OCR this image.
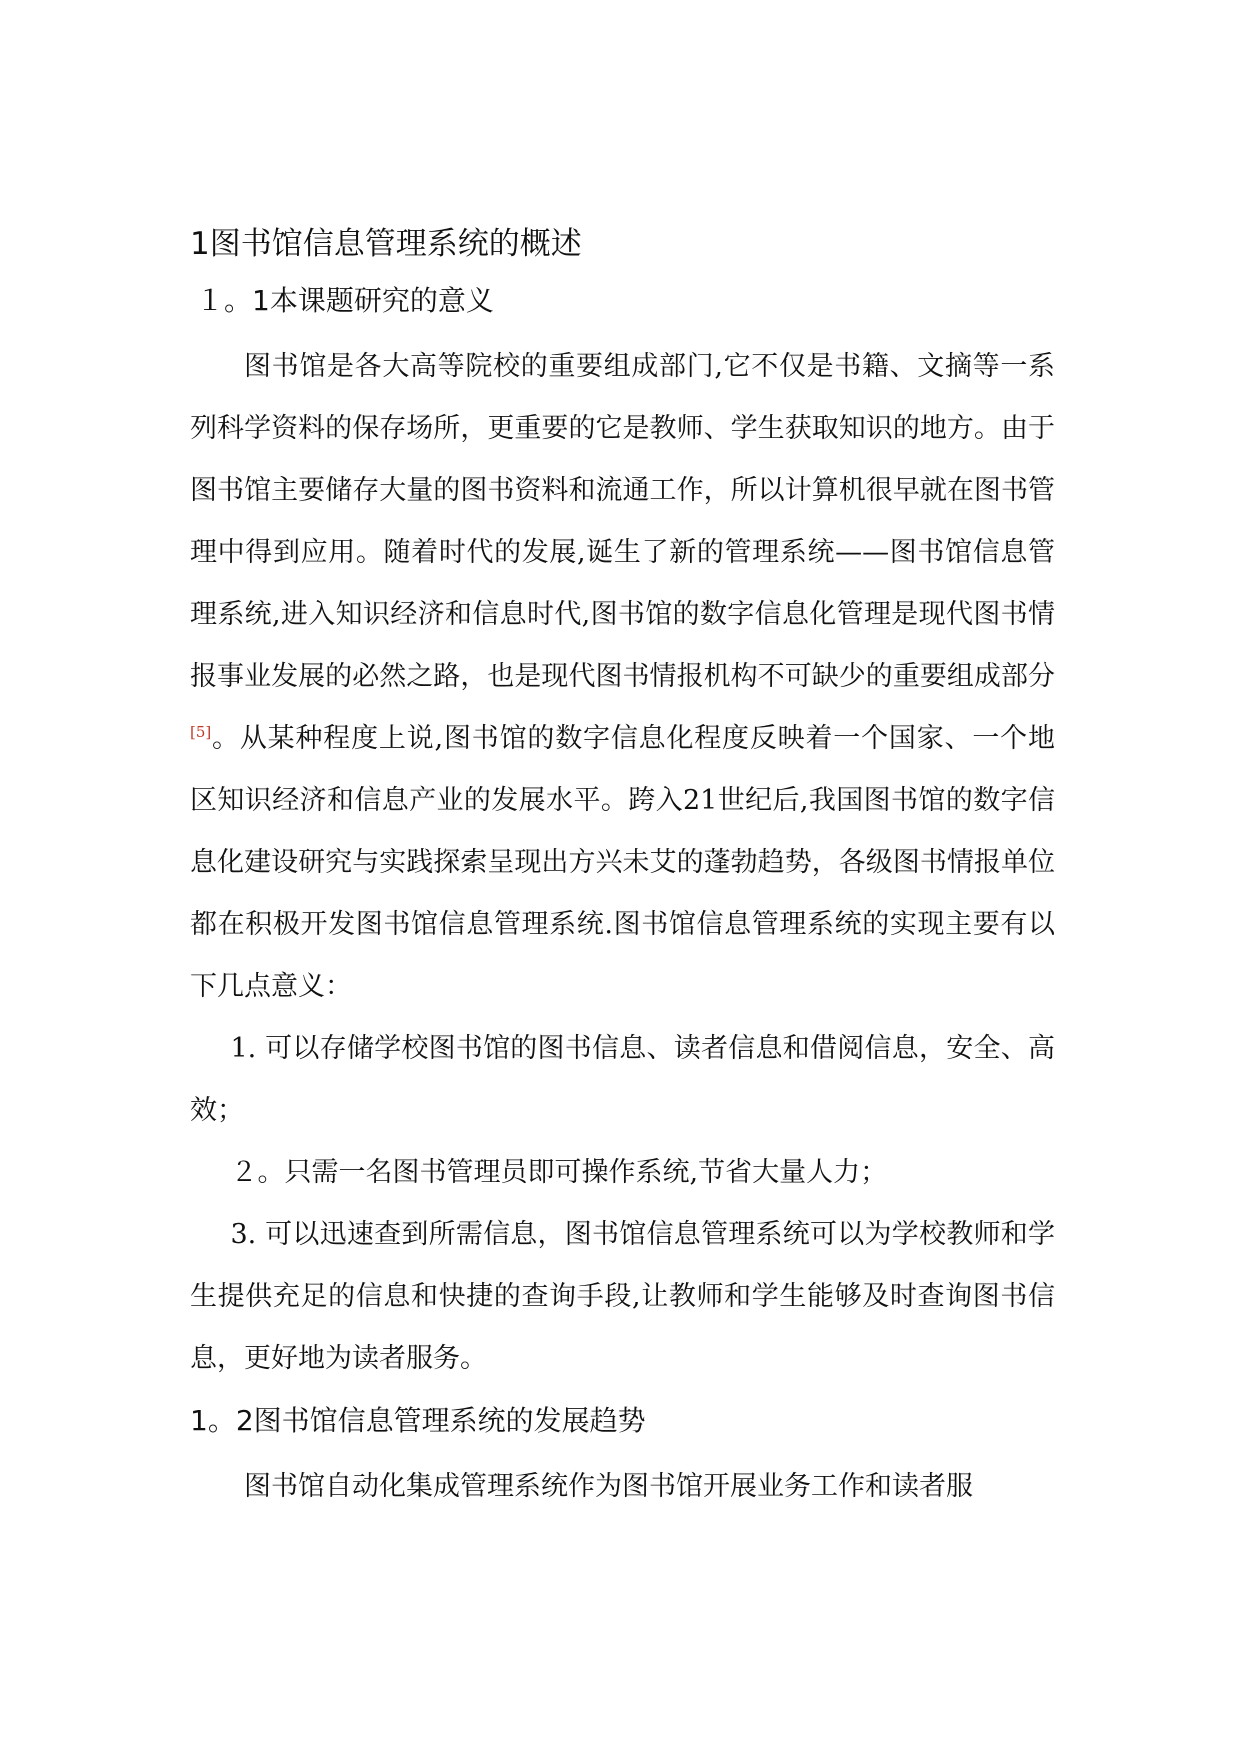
1图书馆信息管理系统的概述
１。1本课题研究的意义

图书馆是各大高等院校的重要组成部门,它不仅是书籍、文摘等一系列科学资料的保存场所，更重要的它是教师、学生获取知识的地方。由于图书馆主要储存大量的图书资料和流通工作，所以计算机很早就在图书管理中得到应用。随着时代的发展,诞生了新的管理系统——图书馆信息管理系统,进入知识经济和信息时代,图书馆的数字信息化管理是现代图书情报事业发展的必然之路，也是现代图书情报机构不可缺少的重要组成部分[5]。从某种程度上说,图书馆的数字信息化程度反映着一个国家、一个地区知识经济和信息产业的发展水平。跨入21世纪后,我国图书馆的数字信息化建设研究与实践探索呈现出方兴未艾的蓬勃趋势，各级图书情报单位都在积极开发图书馆信息管理系统.图书馆信息管理系统的实现主要有以下几点意义：

1. 可以存储学校图书馆的图书信息、读者信息和借阅信息，安全、高效；

２。只需一名图书管理员即可操作系统,节省大量人力；

3. 可以迅速查到所需信息，图书馆信息管理系统可以为学校教师和学生提供充足的信息和快捷的查询手段,让教师和学生能够及时查询图书信息，更好地为读者服务。

1。2图书馆信息管理系统的发展趋势

图书馆自动化集成管理系统作为图书馆开展业务工作和读者服
